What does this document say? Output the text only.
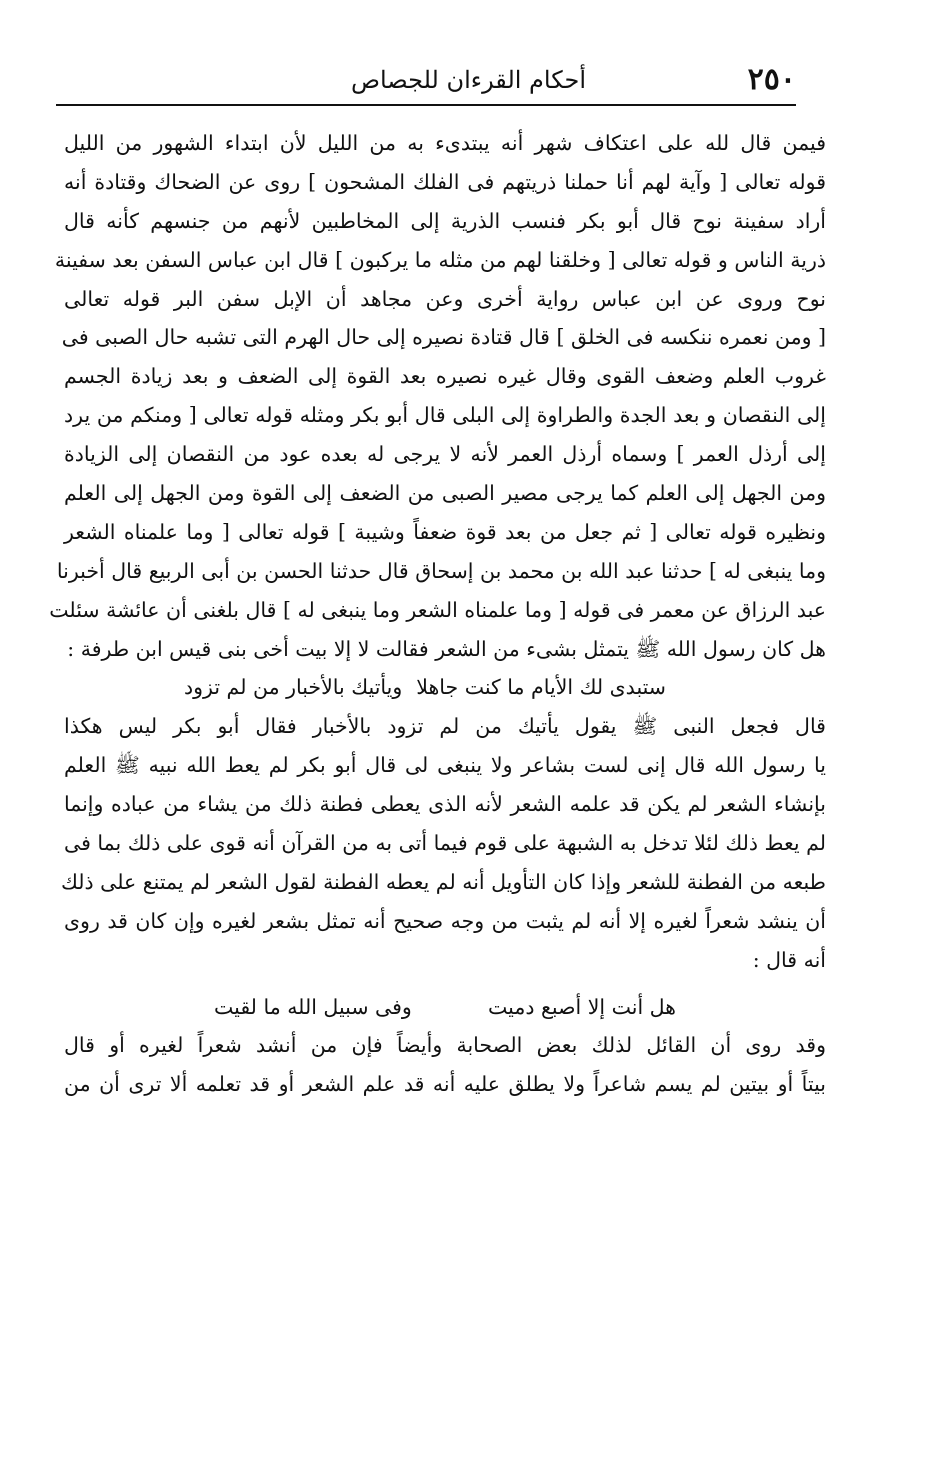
٢٥٠
أحكام القرءان للجصاص
فيمن قال لله على اعتكاف شهر أنه يبتدىء به من الليل لأن ابتداء الشهور من الليل
قوله تعالى [ وآية لهم أنا حملنا ذريتهم فى الفلك المشحون ] روى عن الضحاك وقتادة أنه
أراد سفينة نوح قال أبو بكر فنسب الذرية إلى المخاطبين لأنهم من جنسهم كأنه قال
ذرية الناس و قوله تعالى [ وخلقنا لهم من مثله ما يركبون ] قال ابن عباس السفن بعد سفينة
نوح وروى عن ابن عباس رواية أخرى وعن مجاهد أن الإبل سفن البر قوله تعالى
[ ومن نعمره ننكسه فى الخلق ] قال قتادة نصيره إلى حال الهرم التى تشبه حال الصبى فى
غروب العلم وضعف القوى وقال غيره نصيره بعد القوة إلى الضعف و بعد زيادة الجسم
إلى النقصان و بعد الجدة والطراوة إلى البلى قال أبو بكر ومثله قوله تعالى [ ومنكم من يرد
إلى أرذل العمر ] وسماه أرذل العمر لأنه لا يرجى له بعده عود من النقصان إلى الزيادة
ومن الجهل إلى العلم كما يرجى مصير الصبى من الضعف إلى القوة ومن الجهل إلى العلم
ونظيره قوله تعالى [ ثم جعل من بعد قوة ضعفاً وشيبة ] قوله تعالى [ وما علمناه الشعر
وما ينبغى له ] حدثنا عبد الله بن محمد بن إسحاق قال حدثنا الحسن بن أبى الربيع قال أخبرنا
عبد الرزاق عن معمر فى قوله [ وما علمناه الشعر وما ينبغى له ] قال بلغنى أن عائشة سئلت
هل كان رسول الله ﷺ يتمثل بشىء من الشعر فقالت لا إلا بيت أخى بنى قيس ابن طرفة :
ستبدى لك الأيام ما كنت جاهلا
ويأتيك بالأخبار من لم تزود
قال فجعل النبى ﷺ يقول يأتيك من لم تزود بالأخبار فقال أبو بكر ليس هكذا
يا رسول الله قال إنى لست بشاعر ولا ينبغى لى قال أبو بكر لم يعط الله نبيه ﷺ العلم
بإنشاء الشعر لم يكن قد علمه الشعر لأنه الذى يعطى فطنة ذلك من يشاء من عباده وإنما
لم يعط ذلك لئلا تدخل به الشبهة على قوم فيما أتى به من القرآن أنه قوى على ذلك بما فى
طبعه من الفطنة للشعر وإذا كان التأويل أنه لم يعطه الفطنة لقول الشعر لم يمتنع على ذلك
أن ينشد شعراً لغيره إلا أنه لم يثبت من وجه صحيح أنه تمثل بشعر لغيره وإن كان قد روى
أنه قال :
هل أنت إلا أصبع دميت
وفى سبيل الله ما لقيت
وقد روى أن القائل لذلك بعض الصحابة وأيضاً فإن من أنشد شعراً لغيره أو قال
بيتاً أو بيتين لم يسم شاعراً ولا يطلق عليه أنه قد علم الشعر أو قد تعلمه ألا ترى أن من
